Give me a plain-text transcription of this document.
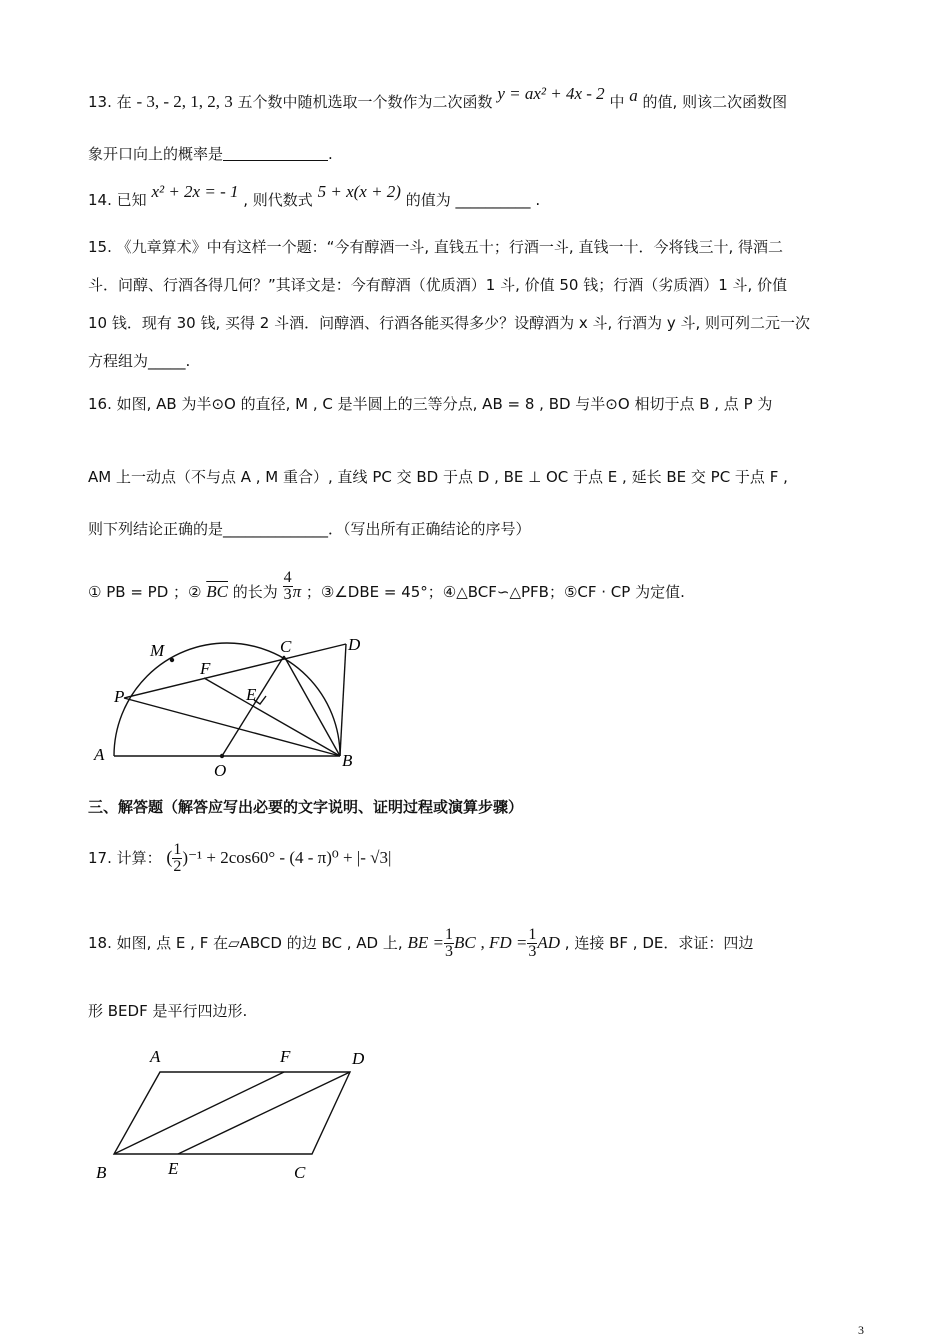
13. 在 - 3, - 2, 1, 2, 3 五个数中随机选取一个数作为二次函数 y = ax² + 4x - 2 中 a 的值, 则该二次函数图
象开口向上的概率是	.
14. 已知 x² + 2x = - 1 , 则代数式 5 + x(x + 2) 的值为 __________ .
15. 《九章算术》中有这样一个题：“今有醇酒一斗, 直钱五十；行酒一斗, 直钱一十．今将钱三十, 得酒二
斗．问醇、行酒各得几何？”其译文是：今有醇酒（优质酒）1 斗, 价值 50 钱；行酒（劣质酒）1 斗, 价值
10 钱．现有 30 钱, 买得 2 斗酒．问醇酒、行酒各能买得多少？设醇酒为 x 斗, 行酒为 y 斗, 则可列二元一次
方程组为_____.
16. 如图, AB 为半⊙O 的直径, M , C 是半圆上的三等分点, AB = 8 , BD 与半⊙O 相切于点 B , 点 P 为
AM 上一动点（不与点 A , M 重合）, 直线 PC 交 BD 于点 D , BE ⊥ OC 于点 E , 延长 BE 交 PC 于点 F ,
则下列结论正确的是______________．（写出所有正确结论的序号）
① PB = PD ；② $\overline{BC}$ 的长为 $\frac{4}{3}$ π ；③∠DBE = 45°；④△BCF∽△PFB；⑤CF · CP 为定值.
M	C	D
F
E
P
A
O
B
三、解答题（解答应写出必要的文字说明、证明过程或演算步骤）
17. 计算： ( $\frac{1}{2} )^{-1} + 2\cos 60^\circ - (4 - \pi)^0$ + |- √3|
18. 如图, 点 E , F 在▱ABCD 的边 BC , AD 上, BE = $\frac{1}{3}$ BC , FD = $\frac{1}{3}$ AD , 连接 BF , DE．求证：四边
形 BEDF 是平行四边形.
A	F	D
B	E	C
3
